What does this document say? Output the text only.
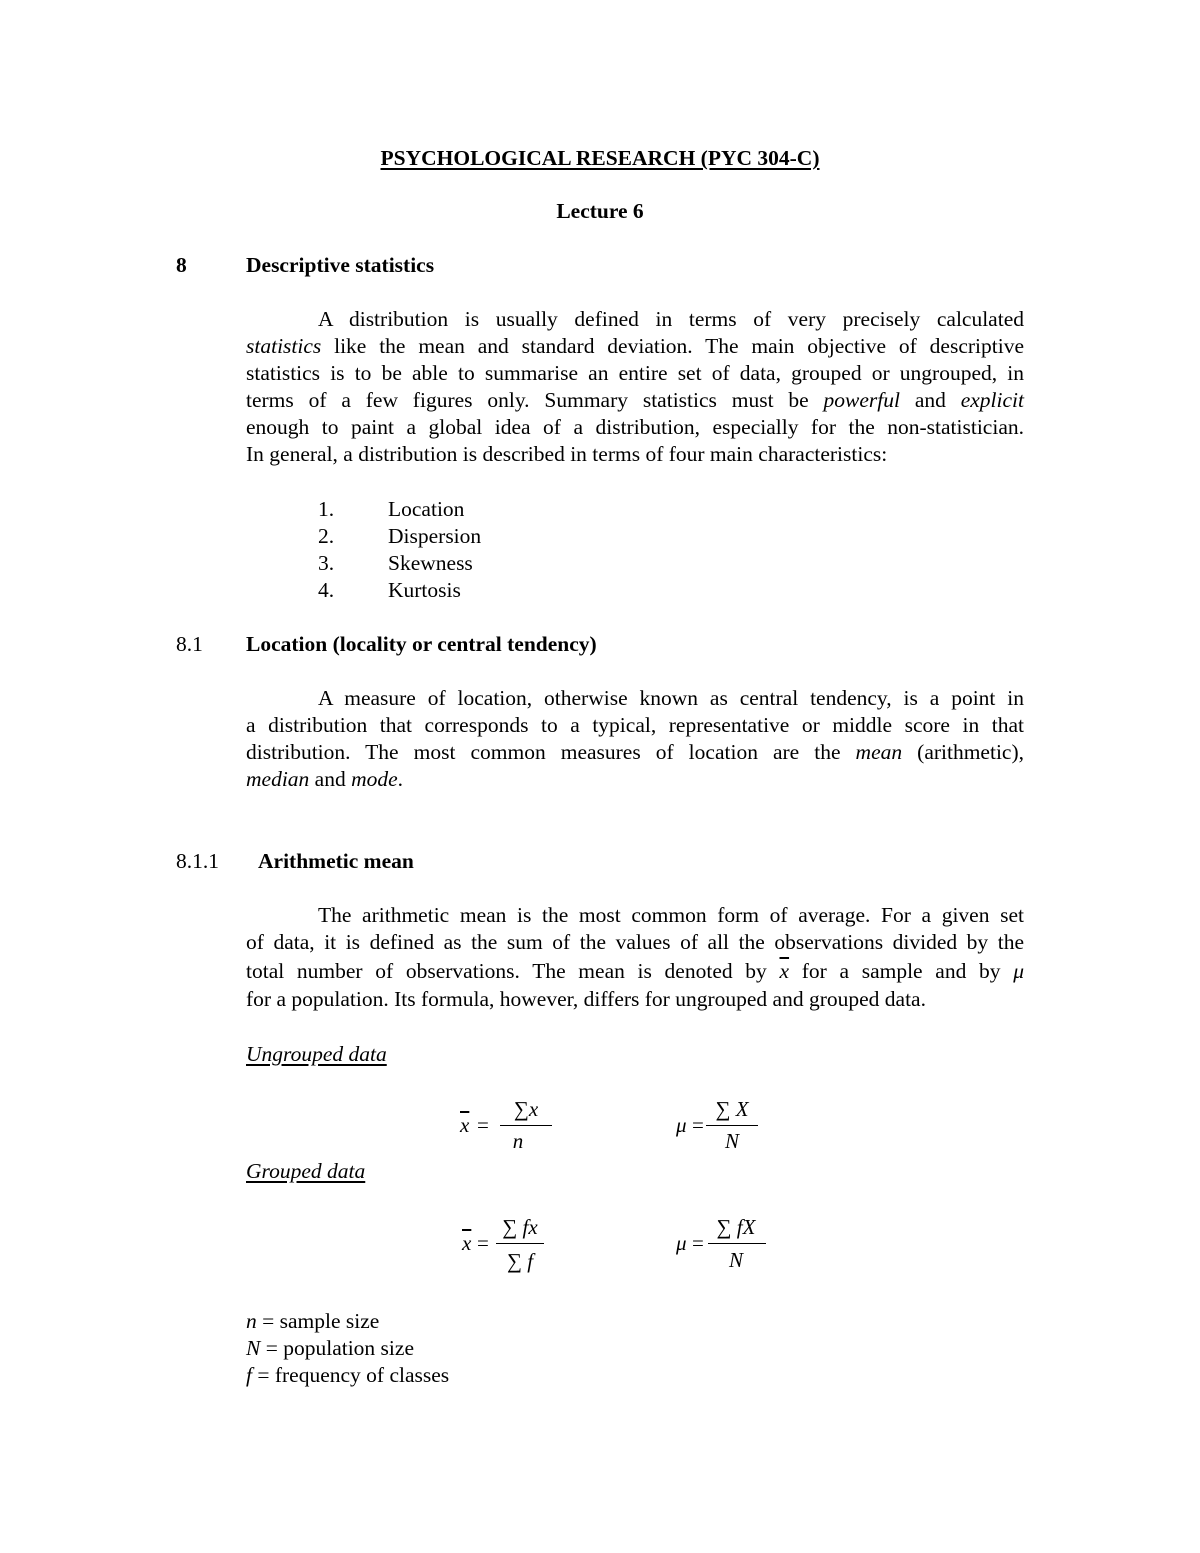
PSYCHOLOGICAL RESEARCH (PYC 304-C)
Lecture 6
8	Descriptive statistics
A distribution is usually defined in terms of very precisely calculated
statistics like the mean and standard deviation. The main objective of descriptive
statistics is to be able to summarise an entire set of data, grouped or ungrouped, in
terms of a few figures only. Summary statistics must be powerful and explicit
enough to paint a global idea of a distribution, especially for the non-statistician.
In general, a distribution is described in terms of four main characteristics:
1.	Location
2.	Dispersion
3.	Skewness
4.	Kurtosis
8.1 Location (locality or central tendency)
A measure of location, otherwise known as central tendency, is a point in
a distribution that corresponds to a typical, representative or middle score in that
distribution. The most common measures of location are the mean (arithmetic),
median and mode.
8.1.1 Arithmetic mean
The arithmetic mean is the most common form of average. For a given set
of data, it is defined as the sum of the values of all the observations divided by the
total number of observations. The mean is denoted by $\overline{x}$ for a sample and by μ
for a population. Its formula, however, differs for ungrouped and grouped data.
Ungrouped data
$\overline{x}$ =
∑x
n
μ =
∑ X
N
Grouped data
$\overline{x}$ =
∑ fx
∑ f
μ =
∑ fX
N
n = sample size
N = population size
f = frequency of classes
